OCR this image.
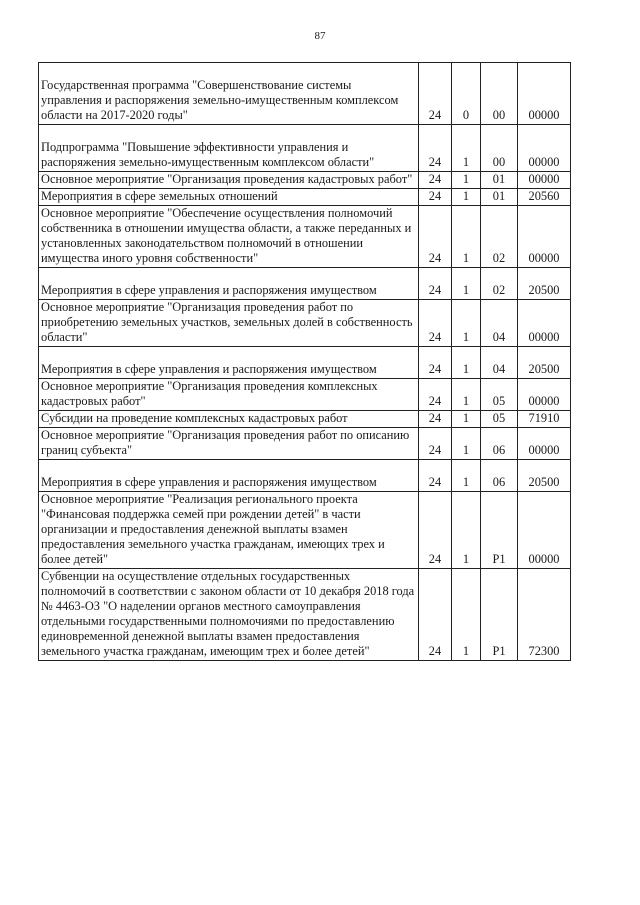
87
Государственная программа "Совершенствование системы управления и распоряжения земельно-имущественным комплексом области на 2017-2020 годы"	24	0	00	00000

Подпрограмма "Повышение эффективности управления и распоряжения земельно-имущественным комплексом области"	24	1	00	00000
Основное мероприятие "Организация проведения кадастровых работ"	24	1	01	00000
Мероприятия в сфере земельных отношений	24	1	01	20560
Основное мероприятие "Обеспечение осуществления полномочий собственника в отношении имущества области, а также переданных и установленных законодательством полномочий в отношении имущества иного уровня собственности"	24	1	02	00000

Мероприятия в сфере управления и распоряжения имуществом	24	1	02	20500
Основное мероприятие "Организация проведения работ по приобретению земельных участков, земельных долей в собственность области"	24	1	04	00000

Мероприятия в сфере управления и распоряжения имуществом	24	1	04	20500
Основное мероприятие "Организация проведения комплексных кадастровых работ"	24	1	05	00000
Субсидии на проведение комплексных кадастровых работ	24	1	05	71910
Основное мероприятие "Организация проведения работ по описанию границ субъекта"	24	1	06	00000

Мероприятия в сфере управления и распоряжения имуществом	24	1	06	20500
Основное мероприятие "Реализация регионального проекта "Финансовая поддержка семей при рождении детей" в части организации и предоставления денежной выплаты взамен предоставления земельного участка гражданам, имеющих трех и более детей"	24	1	P1	00000
Субвенции на осуществление отдельных государственных полномочий в соответствии с законом области от 10 декабря 2018 года № 4463-ОЗ "О наделении органов местного самоуправления отдельными государственными полномочиями по предоставлению единовременной денежной выплаты взамен предоставления земельного участка гражданам, имеющим трех и более детей"	24	1	P1	72300
